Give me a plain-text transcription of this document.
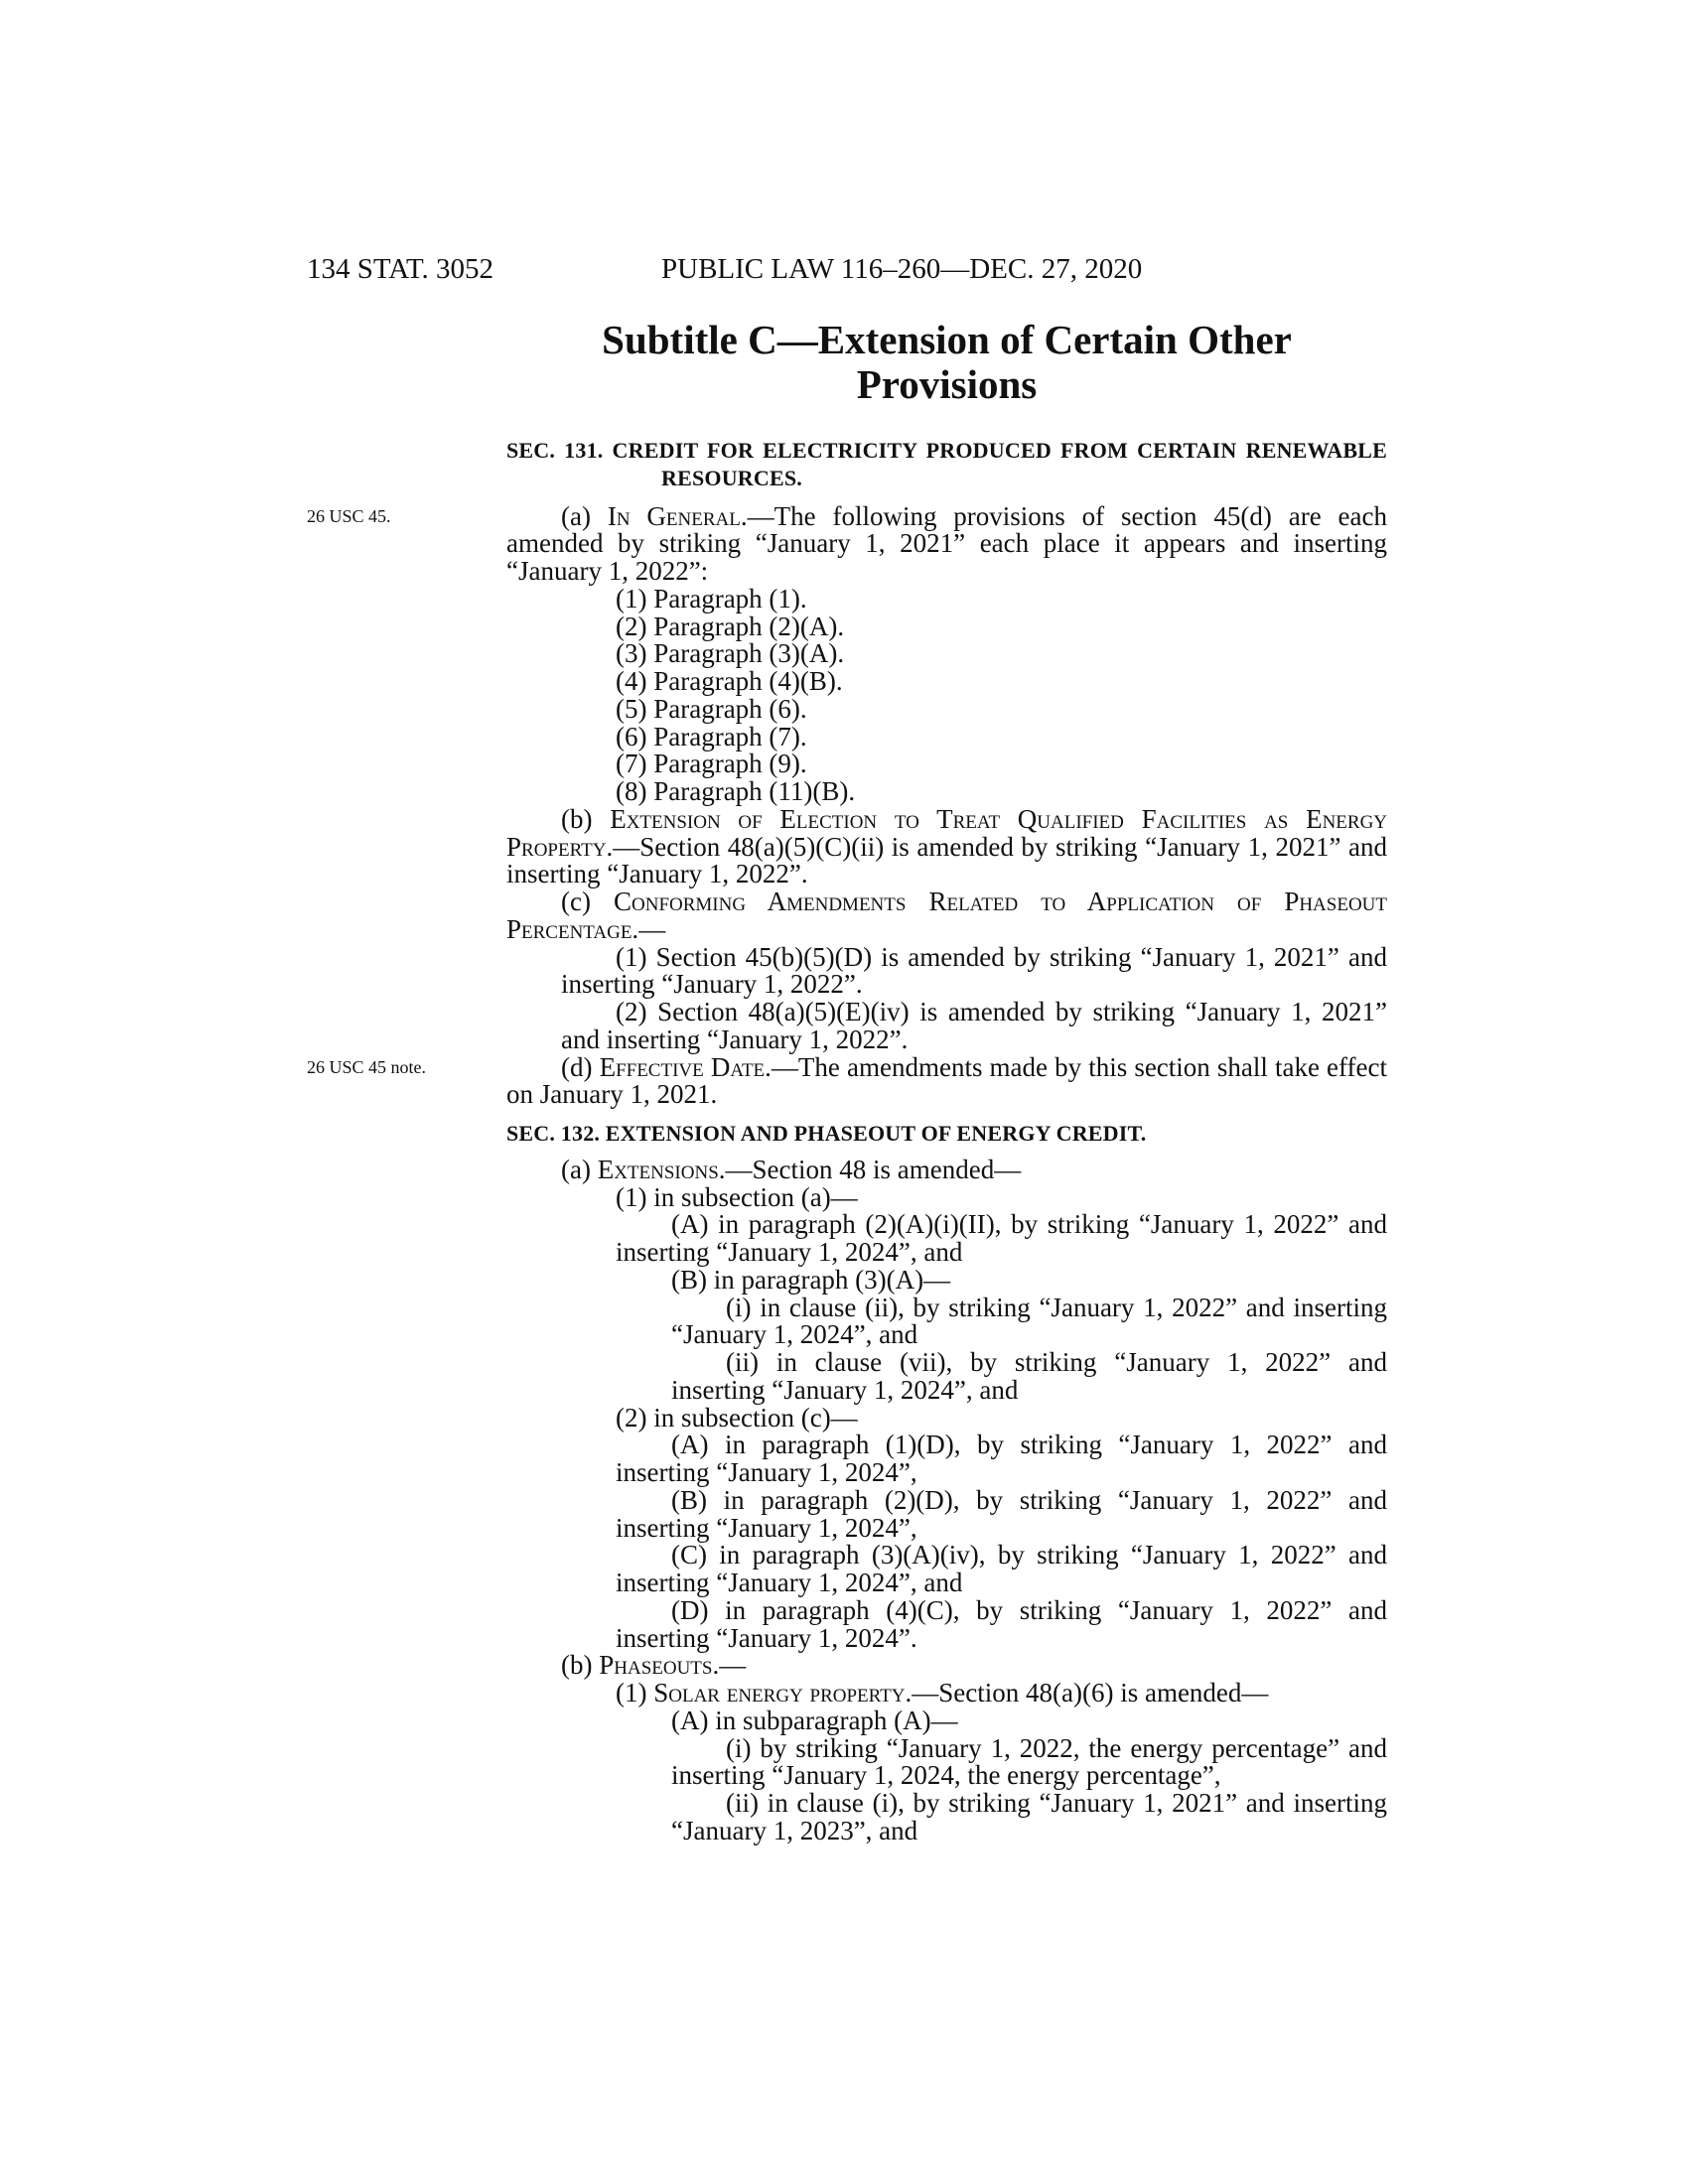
134 STAT. 3052	PUBLIC LAW 116–260—DEC. 27, 2020
Subtitle C—Extension of Certain Other
Provisions

SEC. 131. CREDIT FOR ELECTRICITY PRODUCED FROM CERTAIN RENEWABLE RESOURCES.

26 USC 45.	(a) In General.—The following provisions of section 45(d) are each amended by striking “January 1, 2021” each place it appears and inserting “January 1, 2022”:

(1) Paragraph (1).

(2) Paragraph (2)(A).

(3) Paragraph (3)(A).

(4) Paragraph (4)(B).

(5) Paragraph (6).

(6) Paragraph (7).

(7) Paragraph (9).

(8) Paragraph (11)(B).

(b) Extension of Election to Treat Qualified Facilities as Energy Property.—Section 48(a)(5)(C)(ii) is amended by striking “January 1, 2021” and inserting “January 1, 2022”.

(c) Conforming Amendments Related to Application of Phaseout Percentage.—

(1) Section 45(b)(5)(D) is amended by striking “January 1, 2021” and inserting “January 1, 2022”.

(2) Section 48(a)(5)(E)(iv) is amended by striking “January 1, 2021” and inserting “January 1, 2022”.

26 USC 45 note.	(d) Effective Date.—The amendments made by this section shall take effect on January 1, 2021.

SEC. 132. EXTENSION AND PHASEOUT OF ENERGY CREDIT.

(a) Extensions.—Section 48 is amended—

(1) in subsection (a)—

(A) in paragraph (2)(A)(i)(II), by striking “January 1, 2022” and inserting “January 1, 2024”, and

(B) in paragraph (3)(A)—

(i) in clause (ii), by striking “January 1, 2022” and inserting “January 1, 2024”, and

(ii) in clause (vii), by striking “January 1, 2022” and inserting “January 1, 2024”, and

(2) in subsection (c)—

(A) in paragraph (1)(D), by striking “January 1, 2022” and inserting “January 1, 2024”,

(B) in paragraph (2)(D), by striking “January 1, 2022” and inserting “January 1, 2024”,

(C) in paragraph (3)(A)(iv), by striking “January 1, 2022” and inserting “January 1, 2024”, and

(D) in paragraph (4)(C), by striking “January 1, 2022” and inserting “January 1, 2024”.

(b) Phaseouts.—

(1) Solar energy property.—Section 48(a)(6) is amended—

(A) in subparagraph (A)—

(i) by striking “January 1, 2022, the energy percentage” and inserting “January 1, 2024, the energy percentage”,

(ii) in clause (i), by striking “January 1, 2021” and inserting “January 1, 2023”, and
